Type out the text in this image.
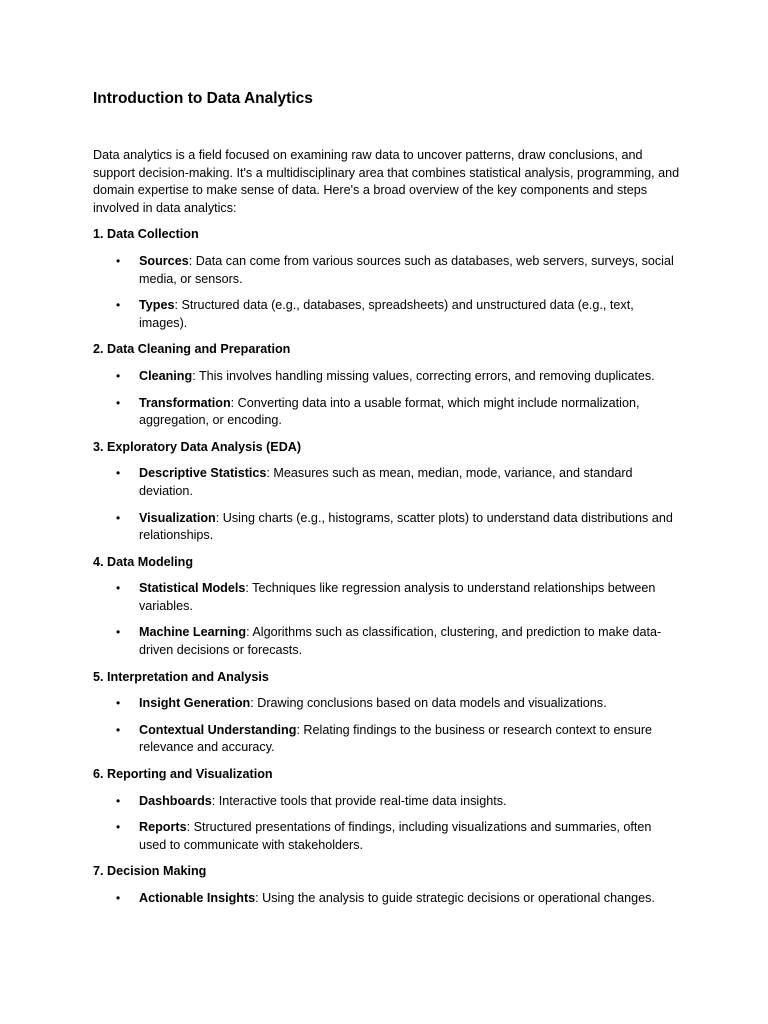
Introduction to Data Analytics

Data analytics is a field focused on examining raw data to uncover patterns, draw conclusions, and support decision-making. It's a multidisciplinary area that combines statistical analysis, programming, and domain expertise to make sense of data. Here's a broad overview of the key components and steps involved in data analytics:

1. Data Collection
• Sources: Data can come from various sources such as databases, web servers, surveys, social media, or sensors.
• Types: Structured data (e.g., databases, spreadsheets) and unstructured data (e.g., text, images).
2. Data Cleaning and Preparation
• Cleaning: This involves handling missing values, correcting errors, and removing duplicates.
• Transformation: Converting data into a usable format, which might include normalization, aggregation, or encoding.
3. Exploratory Data Analysis (EDA)
• Descriptive Statistics: Measures such as mean, median, mode, variance, and standard deviation.
• Visualization: Using charts (e.g., histograms, scatter plots) to understand data distributions and relationships.
4. Data Modeling
• Statistical Models: Techniques like regression analysis to understand relationships between variables.
• Machine Learning: Algorithms such as classification, clustering, and prediction to make data-driven decisions or forecasts.
5. Interpretation and Analysis
• Insight Generation: Drawing conclusions based on data models and visualizations.
• Contextual Understanding: Relating findings to the business or research context to ensure relevance and accuracy.
6. Reporting and Visualization
• Dashboards: Interactive tools that provide real-time data insights.
• Reports: Structured presentations of findings, including visualizations and summaries, often used to communicate with stakeholders.
7. Decision Making
• Actionable Insights: Using the analysis to guide strategic decisions or operational changes.
